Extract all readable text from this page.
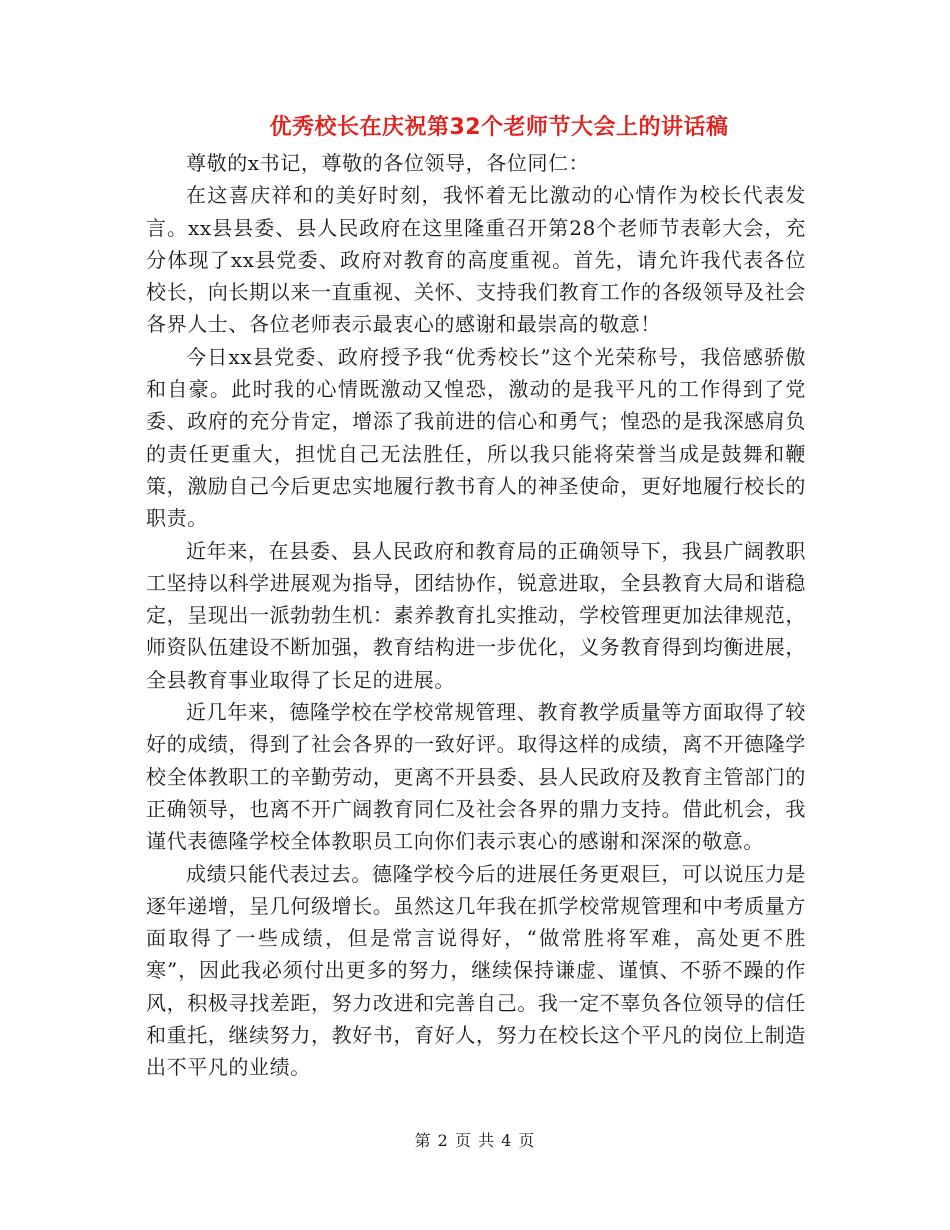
优秀校长在庆祝第32个老师节大会上的讲话稿

尊敬的x书记，尊敬的各位领导，各位同仁：

在这喜庆祥和的美好时刻，我怀着无比激动的心情作为校长代表发言。xx县县委、县人民政府在这里隆重召开第28个老师节表彰大会，充分体现了xx县党委、政府对教育的高度重视。首先，请允许我代表各位校长，向长期以来一直重视、关怀、支持我们教育工作的各级领导及社会各界人士、各位老师表示最衷心的感谢和最崇高的敬意！

今日xx县党委、政府授予我“优秀校长”这个光荣称号，我倍感骄傲和自豪。此时我的心情既激动又惶恐，激动的是我平凡的工作得到了党委、政府的充分肯定，增添了我前进的信心和勇气；惶恐的是我深感肩负的责任更重大，担忧自己无法胜任，所以我只能将荣誉当成是鼓舞和鞭策，激励自己今后更忠实地履行教书育人的神圣使命，更好地履行校长的职责。

近年来，在县委、县人民政府和教育局的正确领导下，我县广阔教职工坚持以科学进展观为指导，团结协作，锐意进取，全县教育大局和谐稳定，呈现出一派勃勃生机：素养教育扎实推动，学校管理更加法律规范，师资队伍建设不断加强，教育结构进一步优化，义务教育得到均衡进展，全县教育事业取得了长足的进展。

近几年来，德隆学校在学校常规管理、教育教学质量等方面取得了较好的成绩，得到了社会各界的一致好评。取得这样的成绩，离不开德隆学校全体教职工的辛勤劳动，更离不开县委、县人民政府及教育主管部门的正确领导，也离不开广阔教育同仁及社会各界的鼎力支持。借此机会，我谨代表德隆学校全体教职员工向你们表示衷心的感谢和深深的敬意。

成绩只能代表过去。德隆学校今后的进展任务更艰巨，可以说压力是逐年递增，呈几何级增长。虽然这几年我在抓学校常规管理和中考质量方面取得了一些成绩，但是常言说得好，“做常胜将军难，高处更不胜寒”，因此我必须付出更多的努力，继续保持谦虚、谨慎、不骄不躁的作风，积极寻找差距，努力改进和完善自己。我一定不辜负各位领导的信任和重托，继续努力，教好书，育好人，努力在校长这个平凡的岗位上制造出不平凡的业绩。

第 2 页 共 4 页
